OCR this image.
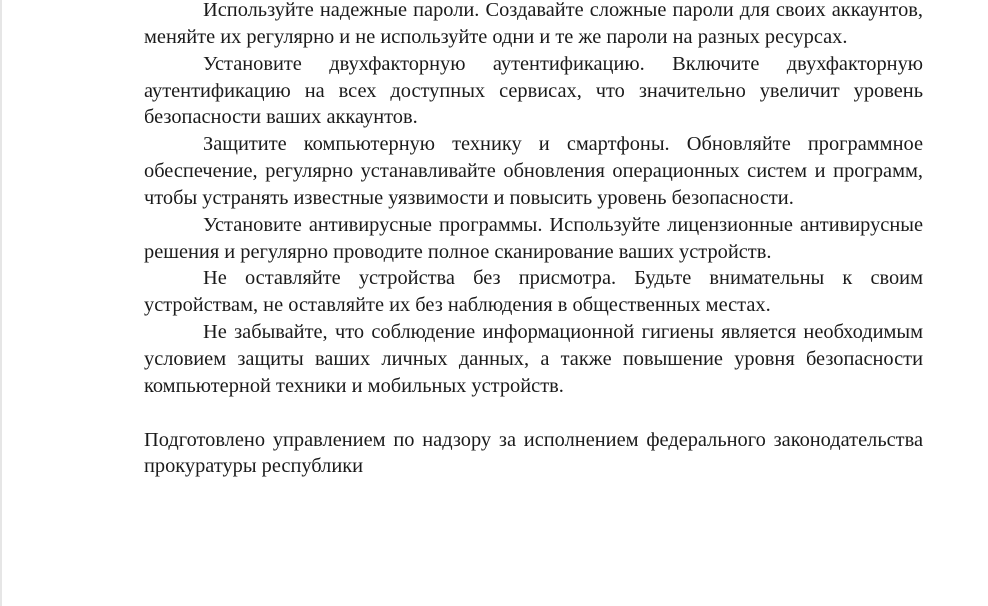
Используйте надежные пароли. Создавайте сложные пароли для своих аккаунтов, меняйте их регулярно и не используйте одни и те же пароли на разных ресурсах.

Установите двухфакторную аутентификацию. Включите двухфакторную аутентификацию на всех доступных сервисах, что значительно увеличит уровень безопасности ваших аккаунтов.

Защитите компьютерную технику и смартфоны. Обновляйте программное обеспечение, регулярно устанавливайте обновления операционных систем и программ, чтобы устранять известные уязвимости и повысить уровень безопасности.

Установите антивирусные программы. Используйте лицензионные антивирусные решения и регулярно проводите полное сканирование ваших устройств.

Не оставляйте устройства без присмотра. Будьте внимательны к своим устройствам, не оставляйте их без наблюдения в общественных местах.

Не забывайте, что соблюдение информационной гигиены является необходимым условием защиты ваших личных данных, а также повышение уровня безопасности компьютерной техники и мобильных устройств.

Подготовлено управлением по надзору за исполнением федерального законодательства прокуратуры республики
